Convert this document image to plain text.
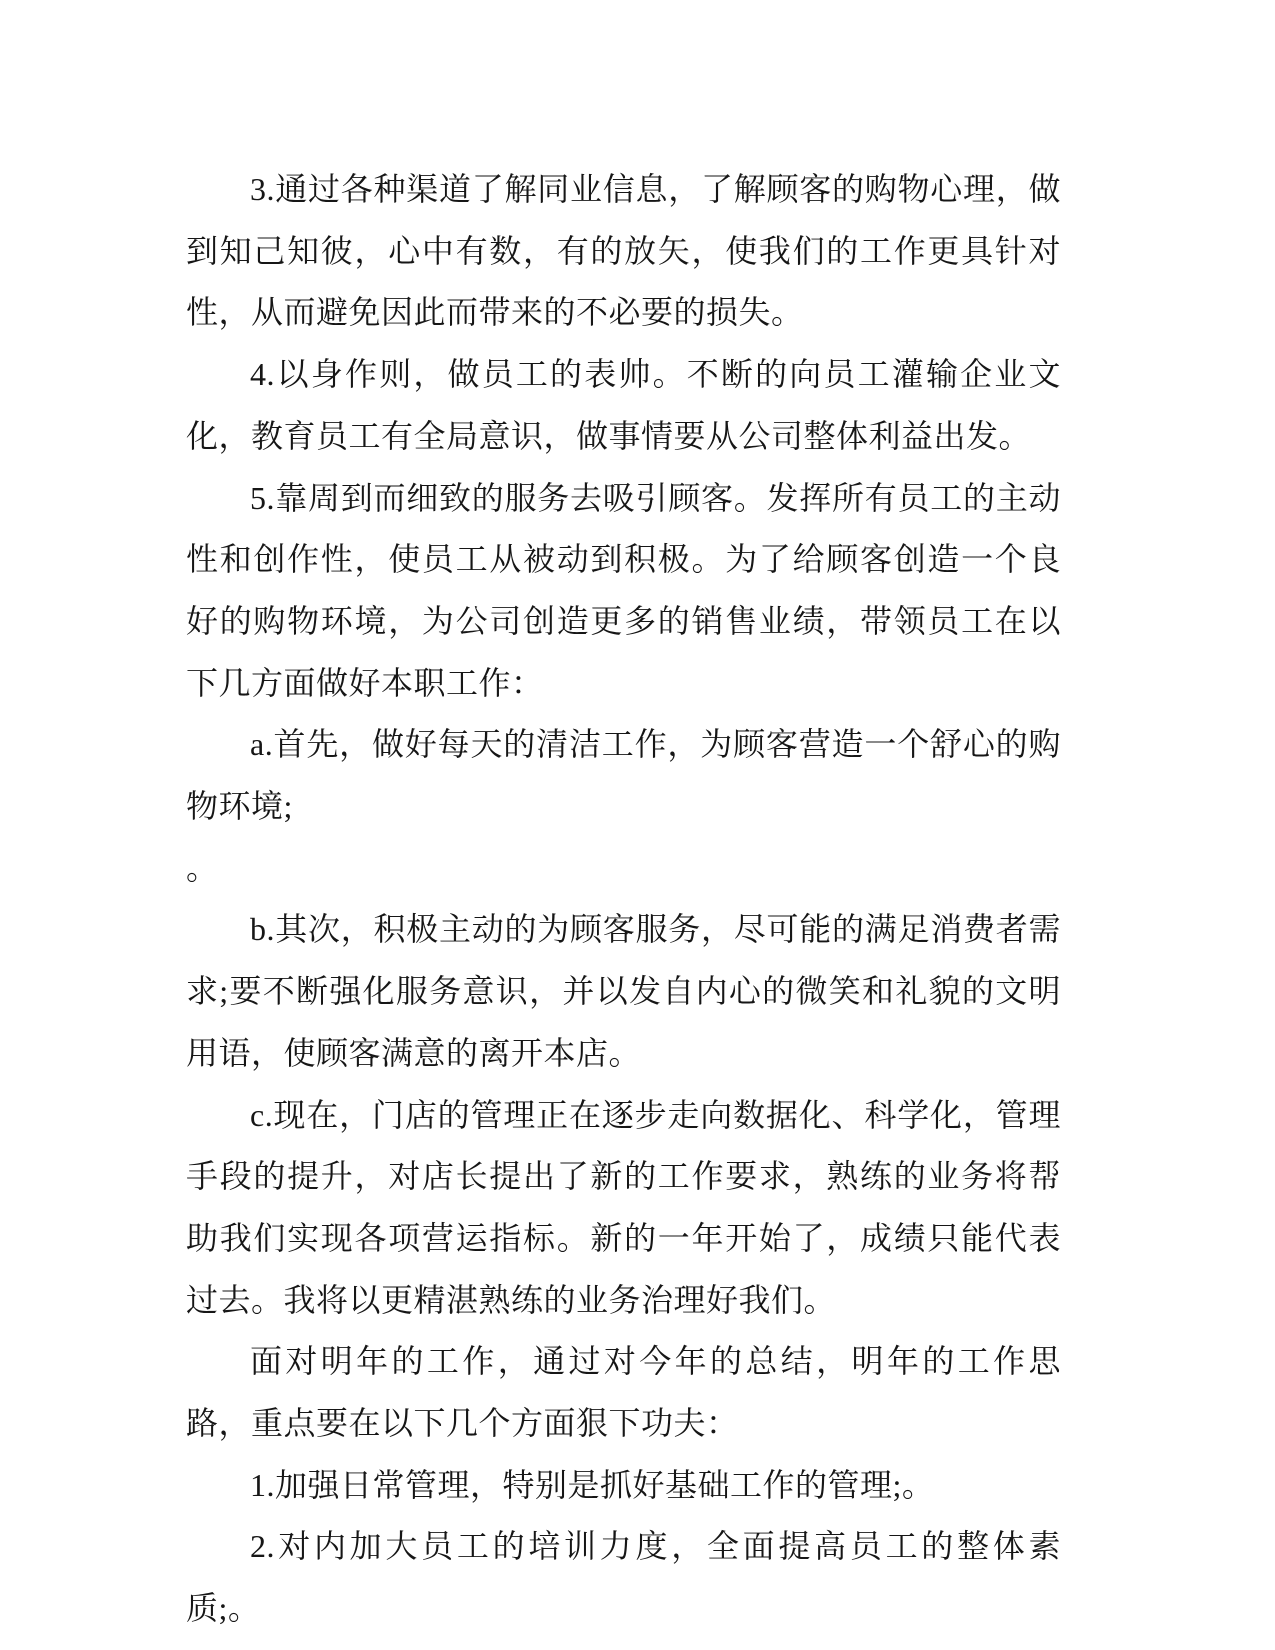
3.通过各种渠道了解同业信息，了解顾客的购物心理，做到知己知彼，心中有数，有的放矢，使我们的工作更具针对性，从而避免因此而带来的不必要的损失。

4.以身作则，做员工的表帅。不断的向员工灌输企业文化，教育员工有全局意识，做事情要从公司整体利益出发。

5.靠周到而细致的服务去吸引顾客。发挥所有员工的主动性和创作性，使员工从被动到积极。为了给顾客创造一个良好的购物环境，为公司创造更多的销售业绩，带领员工在以下几方面做好本职工作：

a.首先，做好每天的清洁工作，为顾客营造一个舒心的购物环境;

。

b.其次，积极主动的为顾客服务，尽可能的满足消费者需求;要不断强化服务意识，并以发自内心的微笑和礼貌的文明用语，使顾客满意的离开本店。

c.现在，门店的管理正在逐步走向数据化、科学化，管理手段的提升，对店长提出了新的工作要求，熟练的业务将帮助我们实现各项营运指标。新的一年开始了，成绩只能代表过去。我将以更精湛熟练的业务治理好我们。

面对明年的工作，通过对今年的总结，明年的工作思路，重点要在以下几个方面狠下功夫：

1.加强日常管理，特别是抓好基础工作的管理;。

2.对内加大员工的培训力度，全面提高员工的整体素质;。
